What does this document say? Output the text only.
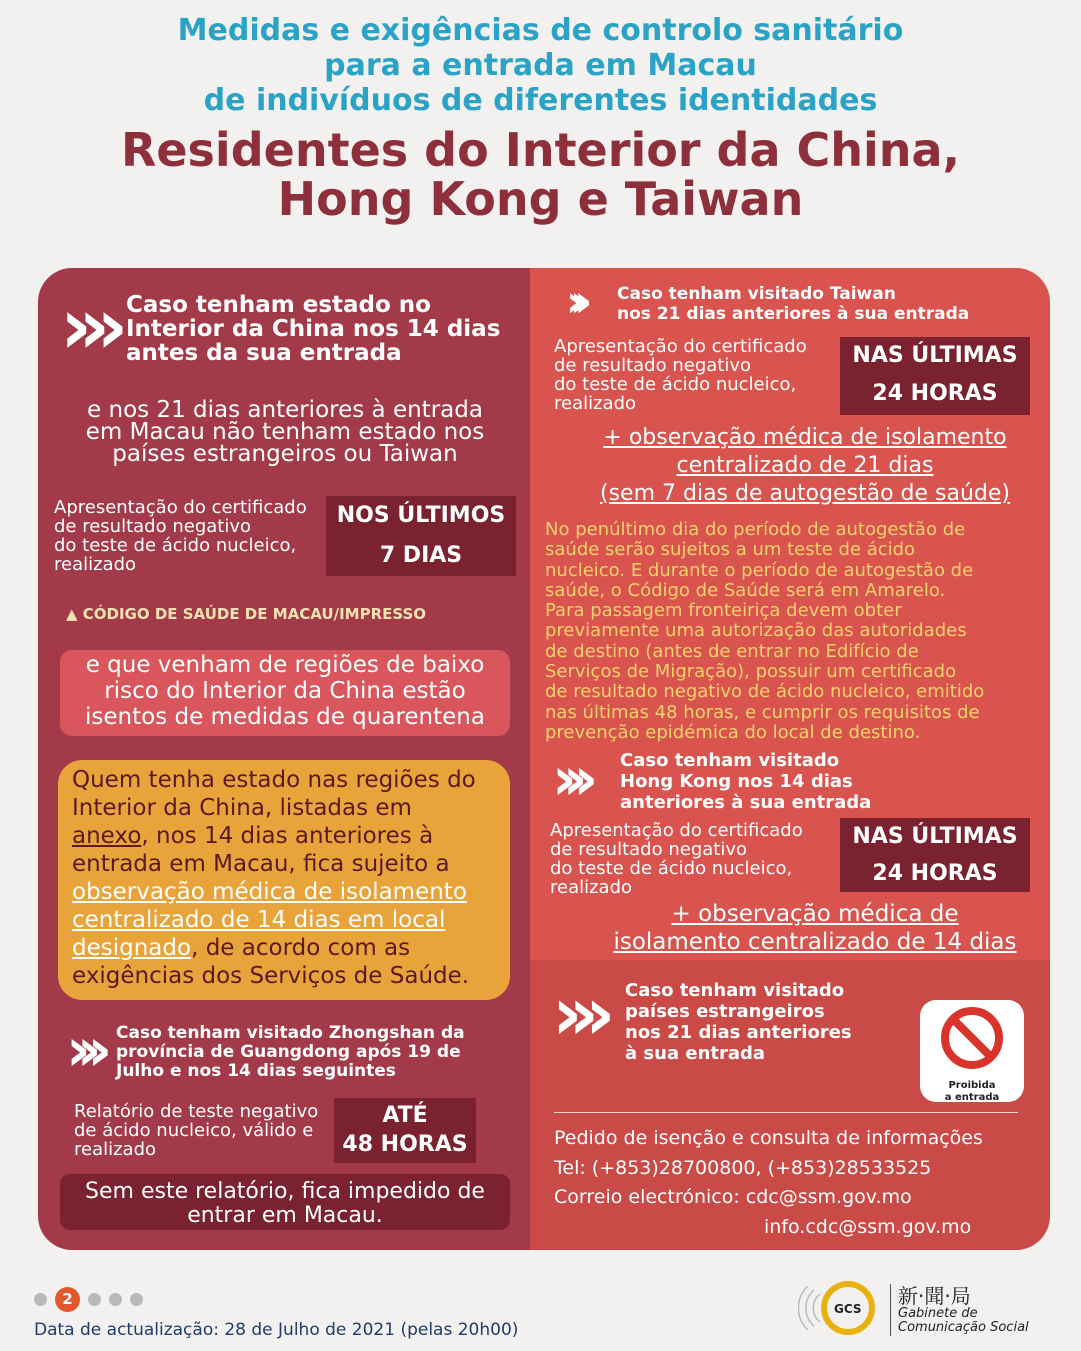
Medidas e exigências de controlo sanitário
para a entrada em Macau
de indivíduos de diferentes identidades
Residentes do Interior da China,
Hong Kong e Taiwan
››› Caso tenham estado no
Interior da China nos 14 dias
antes da sua entrada
e nos 21 dias anteriores à entrada
em Macau não tenham estado nos
países estrangeiros ou Taiwan
Apresentação do certificado
de resultado negativo
do teste de ácido nucleico,
realizado
NOS ÚLTIMOS
7 DIAS
▲ CÓDIGO DE SAÚDE DE MACAU/IMPRESSO
e que venham de regiões de baixo
risco do Interior da China estão
isentos de medidas de quarentena
Quem tenha estado nas regiões do
Interior da China, listadas em
anexo, nos 14 dias anteriores à
entrada em Macau, fica sujeito a
observação médica de isolamento
centralizado de 14 dias em local
designado, de acordo com as
exigências dos Serviços de Saúde.
››› Caso tenham visitado Zhongshan da
província de Guangdong após 19 de
Julho e nos 14 dias seguintes
Relatório de teste negativo
de ácido nucleico, válido e
realizado
ATÉ
48 HORAS
Sem este relatório, fica impedido de
entrar em Macau.
››› Caso tenham visitado Taiwan
nos 21 dias anteriores à sua entrada
Apresentação do certificado
de resultado negativo
do teste de ácido nucleico,
realizado
NAS ÚLTIMAS
24 HORAS
+ observação médica de isolamento
centralizado de 21 dias
(sem 7 dias de autogestão de saúde)
No penúltimo dia do período de autogestão de
saúde serão sujeitos a um teste de ácido
nucleico. E durante o período de autogestão de
saúde, o Código de Saúde será em Amarelo.
Para passagem fronteiriça devem obter
previamente uma autorização das autoridades
de destino (antes de entrar no Edifício de
Serviços de Migração), possuir um certificado
de resultado negativo de ácido nucleico, emitido
nas últimas 48 horas, e cumprir os requisitos de
prevenção epidémica do local de destino.
››› Caso tenham visitado
Hong Kong nos 14 dias
anteriores à sua entrada
Apresentação do certificado
de resultado negativo
do teste de ácido nucleico,
realizado
NAS ÚLTIMAS
24 HORAS
+ observação médica de
isolamento centralizado de 14 dias
››› Caso tenham visitado
países estrangeiros
nos 21 dias anteriores
à sua entrada
Proibida
a entrada
Pedido de isenção e consulta de informações
Tel: (+853)28700800, (+853)28533525
Correio electrónico: cdc@ssm.gov.mo
info.cdc@ssm.gov.mo
2
Data de actualização: 28 de Julho de 2021 (pelas 20h00)
GCS
新·聞·局
Gabinete de
Comunicação Social
